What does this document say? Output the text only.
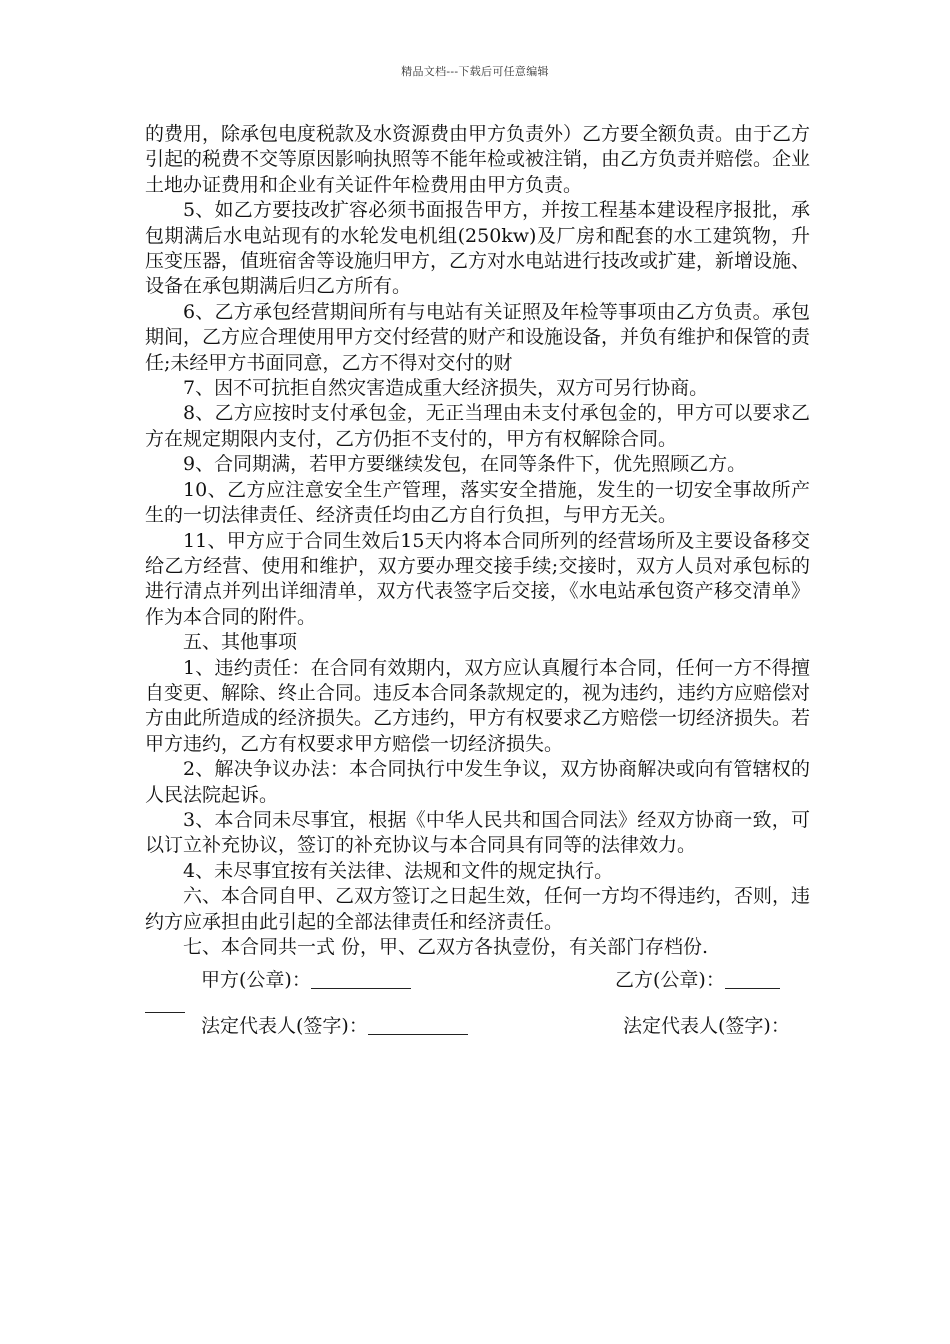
精品文档---下载后可任意编辑

的费用，除承包电度税款及水资源费由甲方负责外）乙方要全额负责。由于乙方引起的税费不交等原因影响执照等不能年检或被注销，由乙方负责并赔偿。企业土地办证费用和企业有关证件年检费用由甲方负责。

5、如乙方要技改扩容必须书面报告甲方，并按工程基本建设程序报批，承包期满后水电站现有的水轮发电机组(250kw)及厂房和配套的水工建筑物，升压变压器，值班宿舍等设施归甲方，乙方对水电站进行技改或扩建，新增设施、设备在承包期满后归乙方所有。

6、乙方承包经营期间所有与电站有关证照及年检等事项由乙方负责。承包期间，乙方应合理使用甲方交付经营的财产和设施设备，并负有维护和保管的责任;未经甲方书面同意，乙方不得对交付的财

7、因不可抗拒自然灾害造成重大经济损失，双方可另行协商。

8、乙方应按时支付承包金，无正当理由未支付承包金的，甲方可以要求乙方在规定期限内支付，乙方仍拒不支付的，甲方有权解除合同。

9、合同期满，若甲方要继续发包，在同等条件下，优先照顾乙方。

10、乙方应注意安全生产管理，落实安全措施，发生的一切安全事故所产生的一切法律责任、经济责任均由乙方自行负担，与甲方无关。

11、甲方应于合同生效后15天内将本合同所列的经营场所及主要设备移交给乙方经营、使用和维护，双方要办理交接手续;交接时，双方人员对承包标的进行清点并列出详细清单，双方代表签字后交接，《水电站承包资产移交清单》作为本合同的附件。

五、其他事项

1、违约责任：在合同有效期内，双方应认真履行本合同，任何一方不得擅自变更、解除、终止合同。违反本合同条款规定的，视为违约，违约方应赔偿对方由此所造成的经济损失。乙方违约，甲方有权要求乙方赔偿一切经济损失。若甲方违约，乙方有权要求甲方赔偿一切经济损失。

2、解决争议办法：本合同执行中发生争议，双方协商解决或向有管辖权的人民法院起诉。

3、本合同未尽事宜，根据《中华人民共和国合同法》经双方协商一致，可以订立补充协议，签订的补充协议与本合同具有同等的法律效力。

4、未尽事宜按有关法律、法规和文件的规定执行。

六、本合同自甲、乙双方签订之日起生效，任何一方均不得违约，否则，违约方应承担由此引起的全部法律责任和经济责任。

七、本合同共一式 份，甲、乙双方各执壹份，有关部门存档份.

甲方(公章)：	乙方(公章)：
法定代表人(签字)：	法定代表人(签字)：
